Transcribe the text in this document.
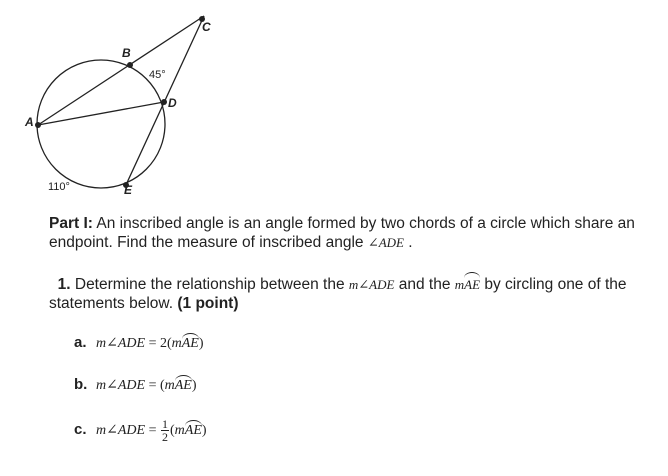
A
B
C
D
E
45°
110°
Part I: An inscribed angle is an angle formed by two chords of a circle which share an endpoint. Find the measure of inscribed angle ∠ADE .
1. Determine the relationship between the m∠ADE and the mAE by circling one of the statements below. (1 point)
a. m∠ADE = 2(mAE)
b. m∠ADE = (mAE)
c. m∠ADE = $\frac{1}{2} (mAE)$
